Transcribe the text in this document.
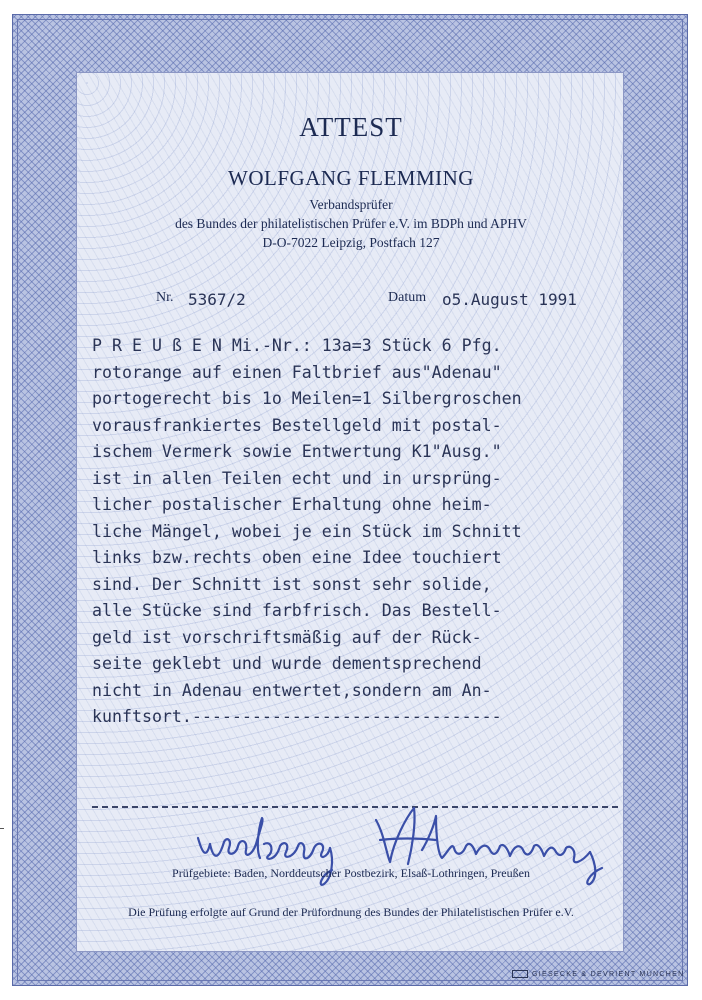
ATTEST
WOLFGANG FLEMMING
Verbandsprüfer
des Bundes der philatelistischen Prüfer e.V. im BDPh und APHV
D-O-7022 Leipzig, Postfach 127
Nr. 5367/2	Datum o5.August 1991
P R E U ß E N Mi.-Nr.: 13a=3 Stück 6 Pfg.
rotorange auf einen Faltbrief aus"Adenau"
portogerecht bis 1o Meilen=1 Silbergroschen
vorausfrankiertes Bestellgeld mit postal-
ischem Vermerk sowie Entwertung K1"Ausg."
ist in allen Teilen echt und in ursprüng-
licher postalischer Erhaltung ohne heim-
liche Mängel, wobei je ein Stück im Schnitt
links bzw.rechts oben eine Idee touchiert
sind. Der Schnitt ist sonst sehr solide,
alle Stücke sind farbfrisch. Das Bestell-
geld ist vorschriftsmäßig auf der Rück-
seite geklebt und wurde dementsprechend
nicht in Adenau entwertet,sondern am An-
kunftsort.-------------------------------
Prüfgebiete: Baden, Norddeutscher Postbezirk, Elsaß-Lothringen, Preußen
Die Prüfung erfolgte auf Grund der Prüfordnung des Bundes der Philatelistischen Prüfer e.V.
GIESECKE & DEVRIENT MÜNCHEN
